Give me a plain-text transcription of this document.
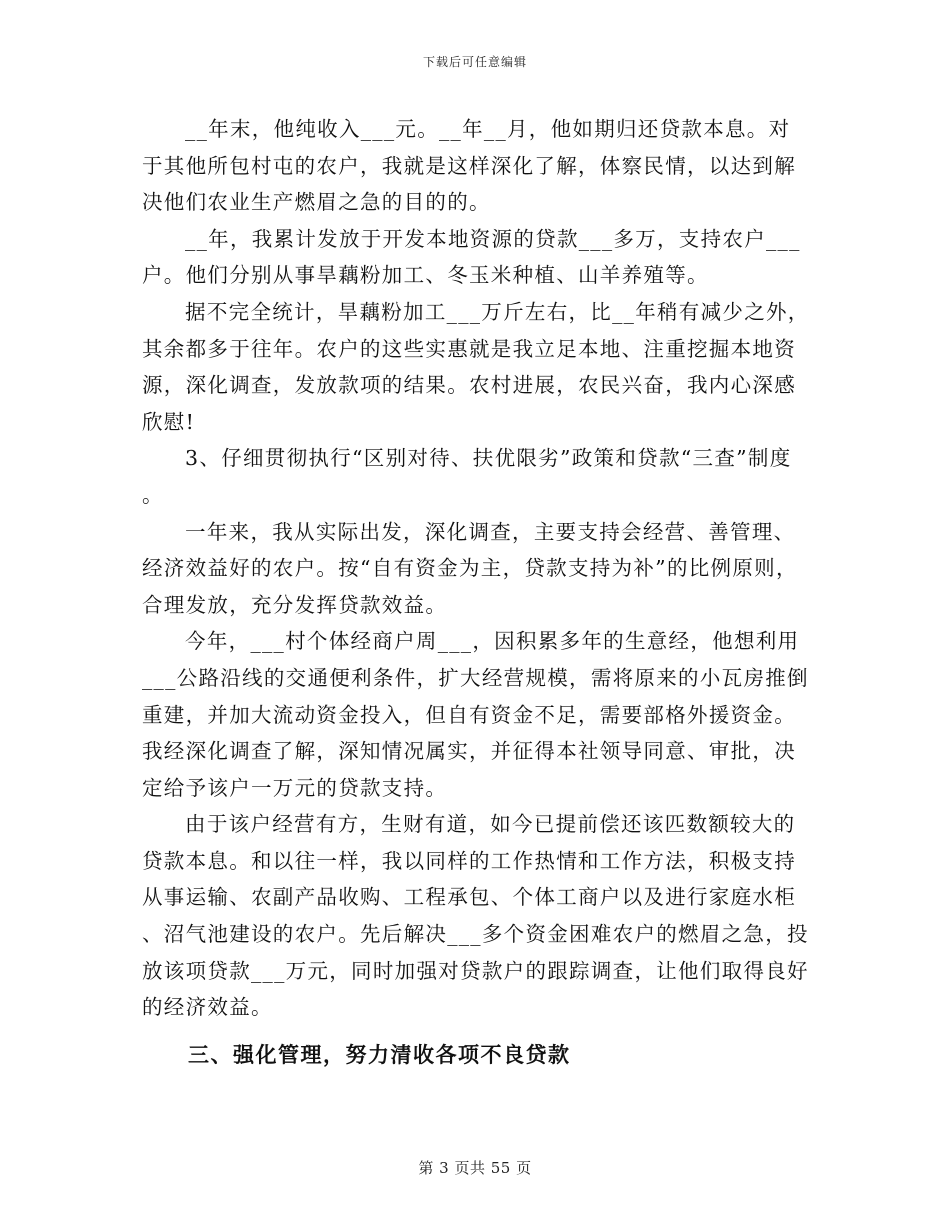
下载后可任意编辑

__年末，他纯收入___元。__年__月，他如期归还贷款本息。对于其他所包村屯的农户，我就是这样深化了解，体察民情，以达到解决他们农业生产燃眉之急的目的的。

__年，我累计发放于开发本地资源的贷款___多万，支持农户___户。他们分别从事旱藕粉加工、冬玉米种植、山羊养殖等。

据不完全统计，旱藕粉加工___万斤左右，比__年稍有减少之外，其余都多于往年。农户的这些实惠就是我立足本地、注重挖掘本地资源，深化调查，发放款项的结果。农村进展，农民兴奋，我内心深感欣慰!

3、仔细贯彻执行“区别对待、扶优限劣”政策和贷款“三查”制度。

一年来，我从实际出发，深化调查，主要支持会经营、善管理、经济效益好的农户。按“自有资金为主，贷款支持为补”的比例原则，合理发放，充分发挥贷款效益。

今年，___村个体经商户周___，因积累多年的生意经，他想利用___公路沿线的交通便利条件，扩大经营规模，需将原来的小瓦房推倒重建，并加大流动资金投入，但自有资金不足，需要部格外援资金。我经深化调查了解，深知情况属实，并征得本社领导同意、审批，决定给予该户一万元的贷款支持。

由于该户经营有方，生财有道，如今已提前偿还该匹数额较大的贷款本息。和以往一样，我以同样的工作热情和工作方法，积极支持从事运输、农副产品收购、工程承包、个体工商户以及进行家庭水柜、沼气池建设的农户。先后解决___多个资金困难农户的燃眉之急，投放该项贷款___万元，同时加强对贷款户的跟踪调查，让他们取得良好的经济效益。

三、强化管理，努力清收各项不良贷款
第 3 页共 55 页
